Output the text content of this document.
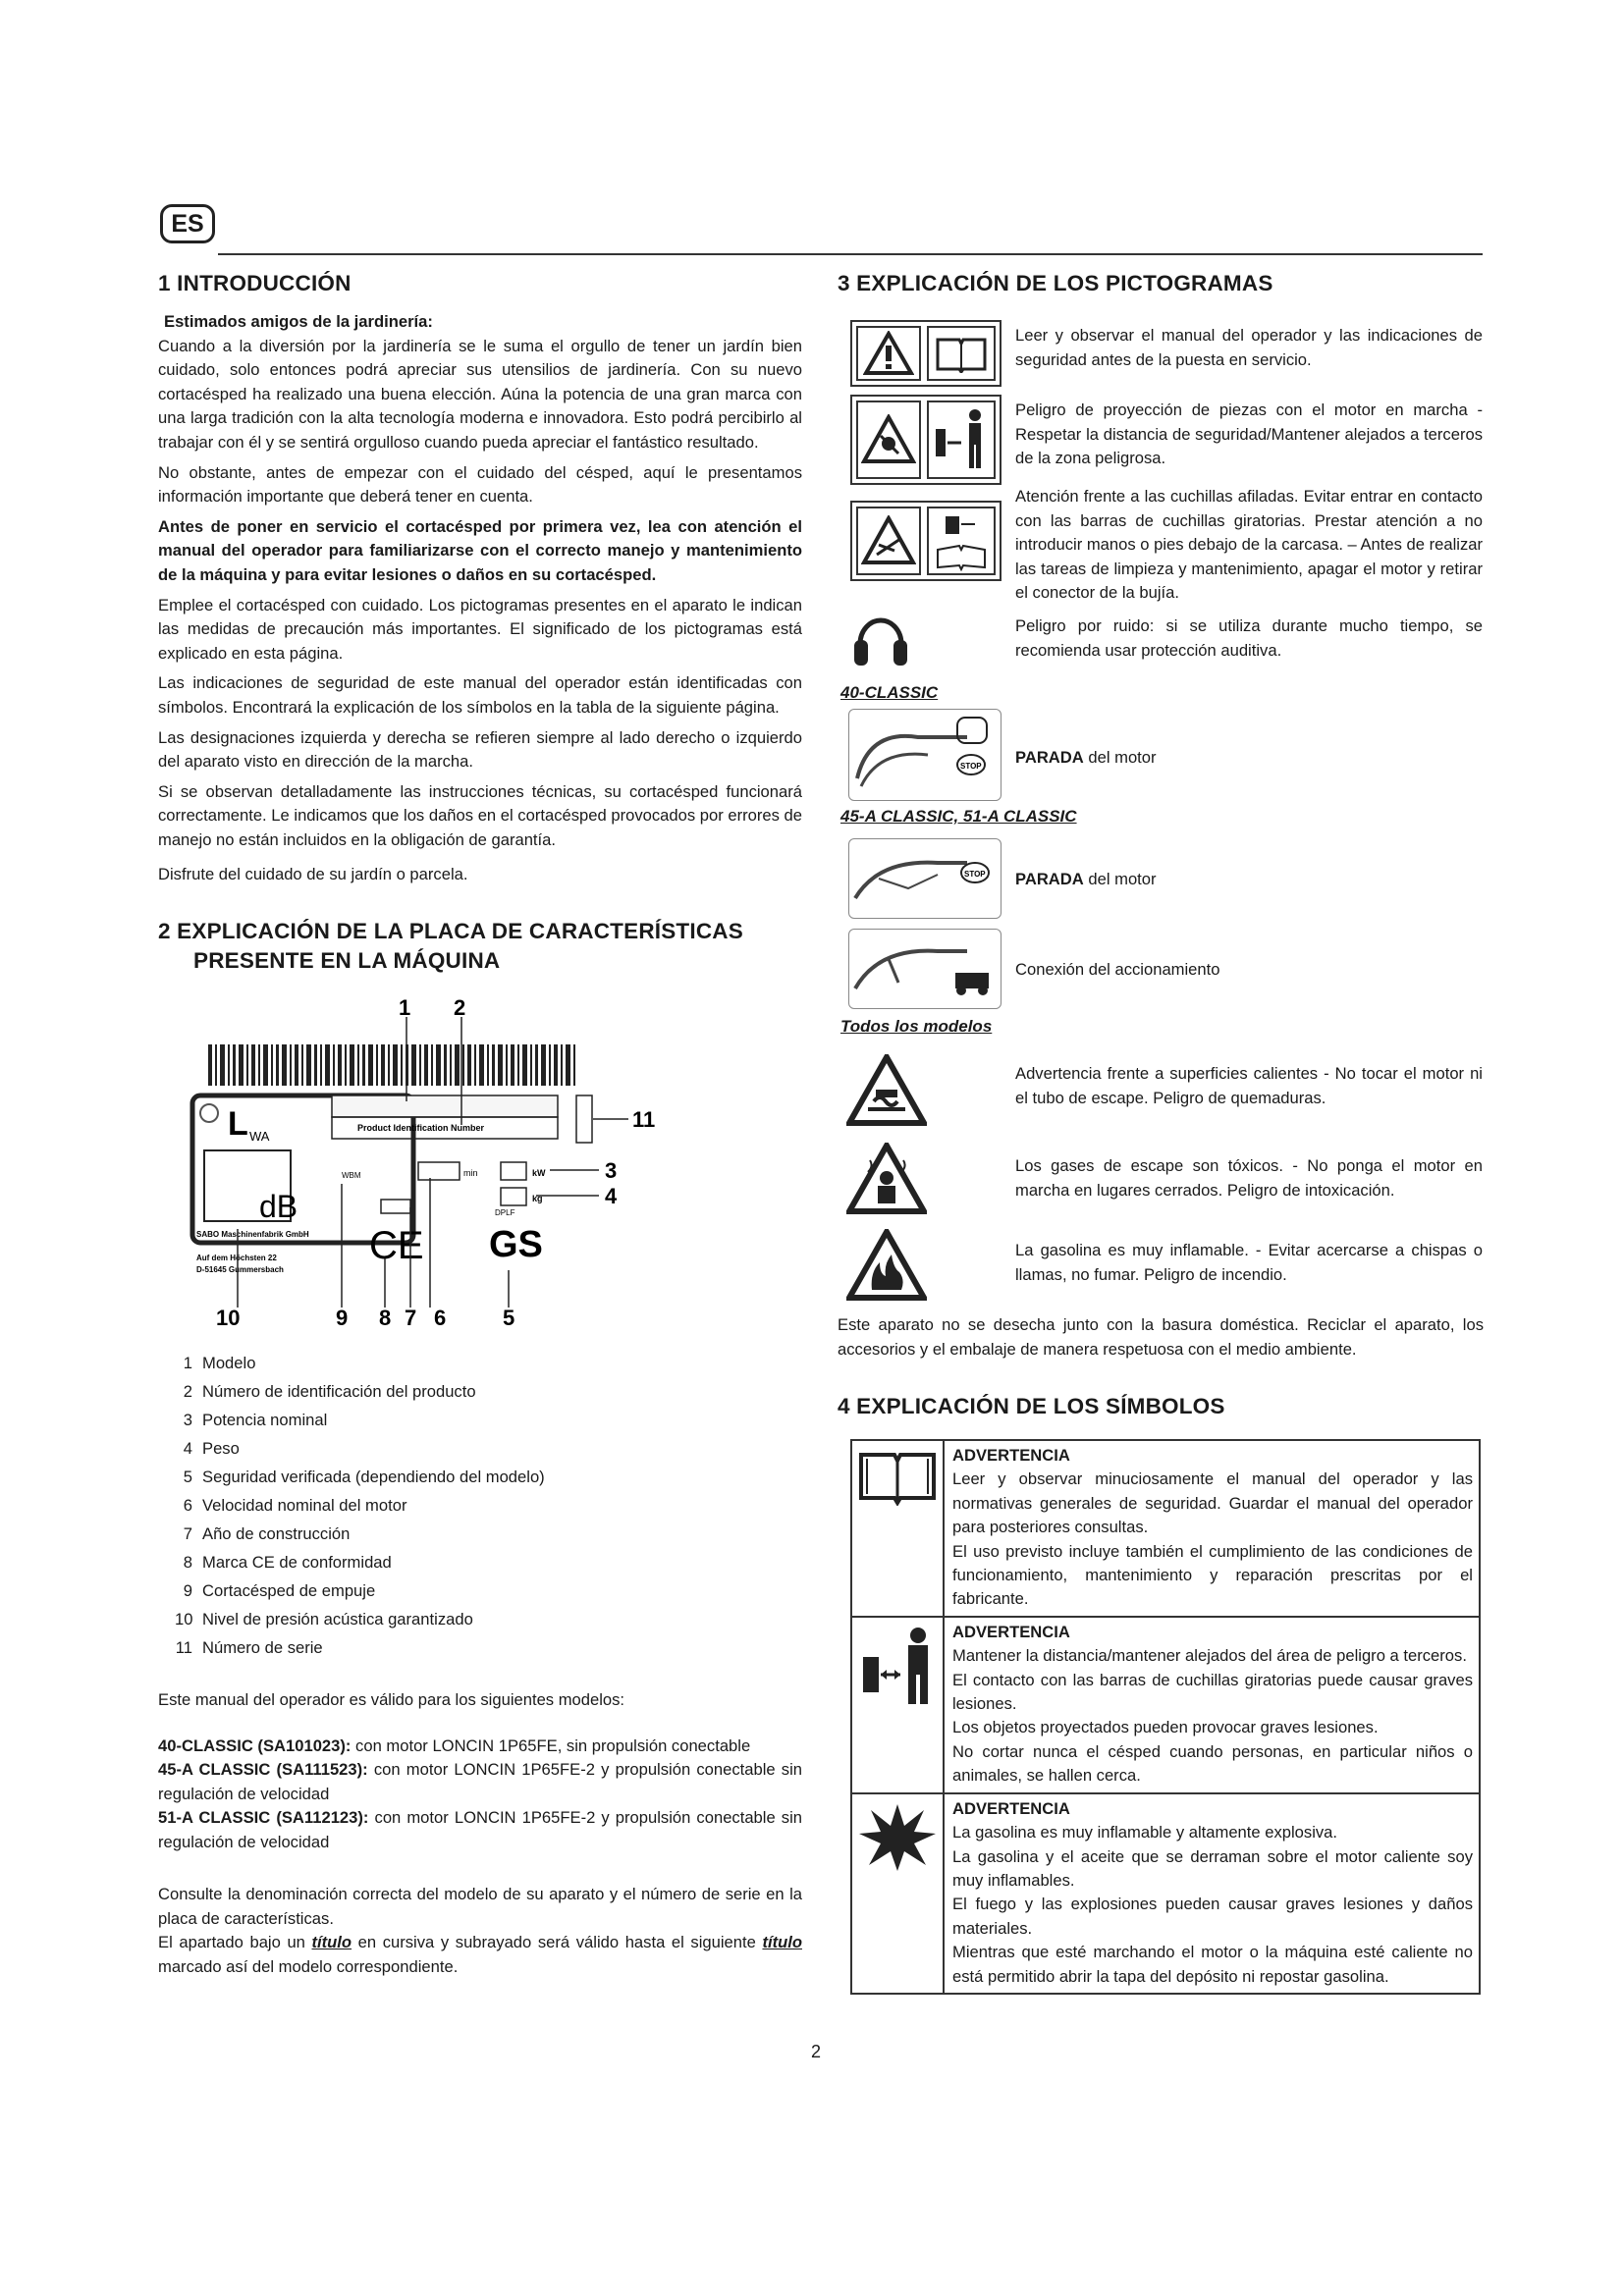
ES
1 INTRODUCCIÓN

Estimados amigos de la jardinería:

Cuando a la diversión por la jardinería se le suma el orgullo de tener un jardín bien cuidado, solo entonces podrá apreciar sus utensilios de jardinería. Con su nuevo cortacésped ha realizado una buena elección. Aúna la potencia de una gran marca con una larga tradición con la alta tecnología moderna e innovadora. Esto podrá percibirlo al trabajar con él y se sentirá orgulloso cuando pueda apreciar el fantástico resultado.

No obstante, antes de empezar con el cuidado del césped, aquí le presentamos información importante que deberá tener en cuenta.

Antes de poner en servicio el cortacésped por primera vez, lea con atención el manual del operador para familiarizarse con el correcto manejo y mantenimiento de la máquina y para evitar lesiones o daños en su cortacésped.

Emplee el cortacésped con cuidado. Los pictogramas presentes en el aparato le indican las medidas de precaución más importantes. El significado de los pictogramas está explicado en esta página.

Las indicaciones de seguridad de este manual del operador están identificadas con símbolos. Encontrará la explicación de los símbolos en la tabla de la siguiente página.

Las designaciones izquierda y derecha se refieren siempre al lado derecho o izquierdo del aparato visto en dirección de la marcha.

Si se observan detalladamente las instrucciones técnicas, su cortacésped funcionará correctamente. Le indicamos que los daños en el cortacésped provocados por errores de manejo no están incluidos en la obligación de garantía.

Disfrute del cuidado de su jardín o parcela.
2 EXPLICACIÓN DE LA PLACA DE CARACTERÍSTICAS
PRESENTE EN LA MÁQUINA
L WA
dB
SABO Maschinenfabrik GmbH
Auf dem Höchsten 22
D-51645 Gummersbach
Product Identification Number
WBM	min	kW
kg
CE
DPLF
GS
1 2
11
3
4
10	9 8 7 6	5
1 Modelo
2 Número de identificación del producto
3 Potencia nominal
4 Peso
5 Seguridad verificada (dependiendo del modelo)
6 Velocidad nominal del motor
7 Año de construcción
8 Marca CE de conformidad
9 Cortacésped de empuje
10 Nivel de presión acústica garantizado
11 Número de serie

Este manual del operador es válido para los siguientes modelos:

40-CLASSIC (SA101023): con motor LONCIN 1P65FE, sin propulsión conectable

45-A CLASSIC (SA111523): con motor LONCIN 1P65FE-2 y propulsión conectable sin regulación de velocidad

51-A CLASSIC (SA112123): con motor LONCIN 1P65FE-2 y propulsión conectable sin regulación de velocidad

Consulte la denominación correcta del modelo de su aparato y el número de serie en la placa de características.

El apartado bajo un título en cursiva y subrayado será válido hasta el siguiente título marcado así del modelo correspondiente.

3 EXPLICACIÓN DE LOS PICTOGRAMAS
Leer y observar el manual del operador y las indicaciones de seguridad antes de la puesta en servicio.
Peligro de proyección de piezas con el motor en marcha - Respetar la distancia de seguridad/Mantener alejados a terceros de la zona peligrosa.
Atención frente a las cuchillas afiladas. Evitar entrar en contacto con las barras de cuchillas giratorias. Prestar atención a no introducir manos o pies debajo de la carcasa. – Antes de realizar las tareas de limpieza y mantenimiento, apagar el motor y retirar el conector de la bujía.
Peligro por ruido: si se utiliza durante mucho tiempo, se recomienda usar protección auditiva.
40-CLASSIC
STOP PARADA del motor
45-A CLASSIC, 51-A CLASSIC
STOP PARADA del motor
Conexión del accionamiento
Todos los modelos
Advertencia frente a superficies calientes - No tocar el motor ni el tubo de escape. Peligro de quemaduras.
Los gases de escape son tóxicos. - No ponga el motor en marcha en lugares cerrados. Peligro de intoxicación.
La gasolina es muy inflamable. - Evitar acercarse a chispas o llamas, no fumar. Peligro de incendio.
Este aparato no se desecha junto con la basura doméstica. Reciclar el aparato, los accesorios y el embalaje de manera respetuosa con el medio ambiente.
4 EXPLICACIÓN DE LOS SÍMBOLOS

ADVERTENCIA

Leer y observar minuciosamente el manual del operador y las normativas generales de seguridad. Guardar el manual del operador para posteriores consultas.

El uso previsto incluye también el cumplimiento de las condiciones de funcionamiento, mantenimiento y reparación prescritas por el fabricante.

ADVERTENCIA

Mantener la distancia/mantener alejados del área de peligro a terceros.

El contacto con las barras de cuchillas giratorias puede causar graves lesiones.

Los objetos proyectados pueden provocar graves lesiones.

No cortar nunca el césped cuando personas, en particular niños o animales, se hallen cerca.

ADVERTENCIA

La gasolina es muy inflamable y altamente explosiva.

La gasolina y el aceite que se derraman sobre el motor caliente soy muy inflamables.

El fuego y las explosiones pueden causar graves lesiones y daños materiales.

Mientras que esté marchando el motor o la máquina esté caliente no está permitido abrir la tapa del depósito ni repostar gasolina.

2
